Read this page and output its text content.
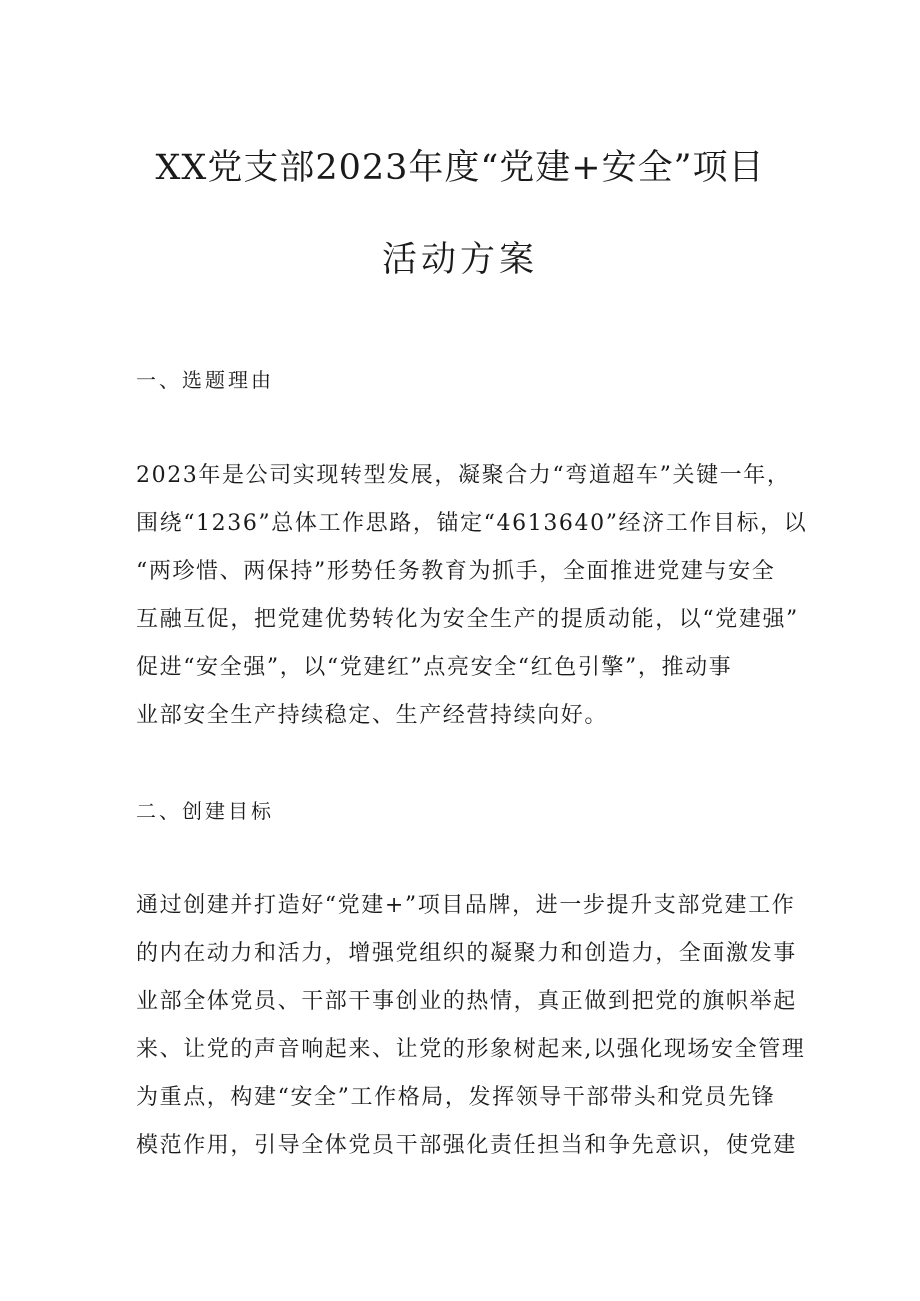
XX党支部2023年度“党建+安全”项目
活动方案
一、选题理由
2023年是公司实现转型发展，凝聚合力“弯道超车”关键一年，
围绕“1236”总体工作思路，锚定“4613640”经济工作目标，以
“两珍惜、两保持”形势任务教育为抓手，全面推进党建与安全
互融互促，把党建优势转化为安全生产的提质动能，以“党建强”
促进“安全强”，以“党建红”点亮安全“红色引擎”，推动事
业部安全生产持续稳定、生产经营持续向好。
二、创建目标
通过创建并打造好“党建+”项目品牌，进一步提升支部党建工作
的内在动力和活力，增强党组织的凝聚力和创造力，全面激发事
业部全体党员、干部干事创业的热情，真正做到把党的旗帜举起
来、让党的声音响起来、让党的形象树起来,以强化现场安全管理
为重点，构建“安全”工作格局，发挥领导干部带头和党员先锋
模范作用，引导全体党员干部强化责任担当和争先意识，使党建
